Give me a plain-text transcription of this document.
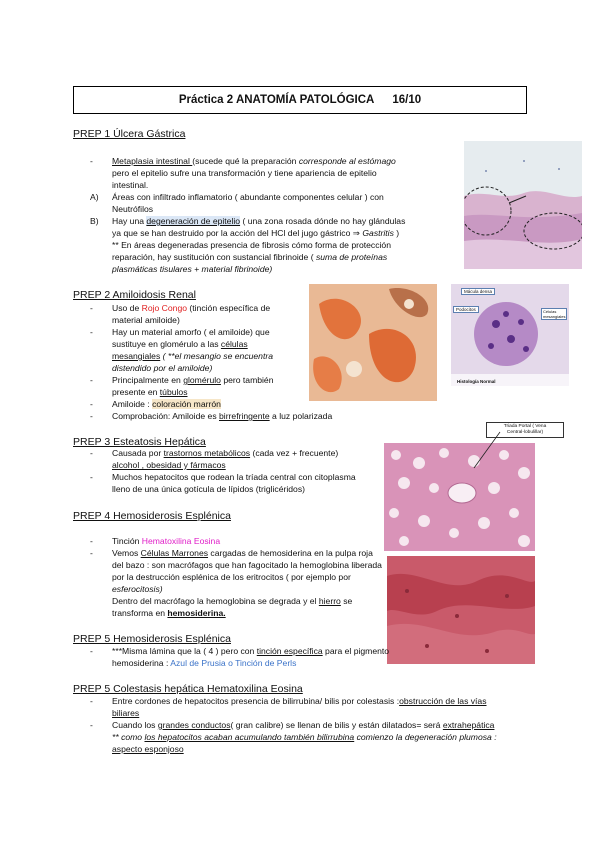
Práctica 2 ANATOMÍA PATOLÓGICA 16/10
PREP 1 Úlcera Gástrica
- Metaplasia intestinal (sucede qué la preparación corresponde al estómago
pero el epitelio sufre una transformación y tiene apariencia de epitelio
intestinal.
A) Áreas con infiltrado inflamatorio ( abundante componentes celular ) con
Neutrófilos
B) Hay una degeneración de epitelio ( una zona rosada dónde no hay glándulas
ya que se han destruido por la acción del HCl del jugo gástrico ⇒ Gastritis )
** En áreas degeneradas presencia de fibrosis cómo forma de protección
reparación, hay sustitución con sustancial fibrinoide ( suma de proteínas
plasmáticas tisulares + material fibrinoide)
PREP 2 Amiloidosis Renal
- Uso de Rojo Congo (tinción específica de
material amiloide)
- Hay un material amorfo ( el amiloide) que
sustituye en glomérulo a las células
mesangiales ( **el mesangio se encuentra
distendido por el amiloide)
- Principalmente en glomérulo pero también
presente en túbulos
- Amiloide : coloración marrón
- Comprobación: Amiloide es birrefringente a luz polarizada
Mácula densa
Podocitos	Células mesangiales
Histología Normal
PREP 3 Esteatosis Hepática
- Causada por trastornos metabólicos (cada vez + frecuente)
alcohol , obesidad y fármacos
- Muchos hepatocitos que rodean la tríada central con citoplasma
lleno de una única gotícula de lípidos (triglicéridos)
Triada Portal ( Vena
Central-lobulillar)
PREP 4 Hemosiderosis Esplénica
- Tinción Hematoxilina Eosina
- Vemos Células Marrones cargadas de hemosiderina en la pulpa roja
del bazo : son macrófagos que han fagocitado la hemoglobina liberada
por la destrucción esplénica de los eritrocitos ( por ejemplo por
esferocitosis)
Dentro del macrófago la hemoglobina se degrada y el hierro se
transforma en hemosiderina.
PREP 5 Hemosiderosis Esplénica
- ***Misma lámina que la ( 4 ) pero con tinción específica para el pigmento
hemosiderina : Azul de Prusia o Tinción de Perls
PREP 5 Colestasis hepática Hematoxilina Eosina
- Entre cordones de hepatocitos presencia de bilirrubina/ bilis por colestasis :obstrucción de las vías
biliares
- Cuando los grandes conductos( gran calibre) se llenan de bilis y están dilatados= será extrahepática
** como los hepatocitos acaban acumulando también bilirrubina comienzo la degeneración plumosa :
aspecto esponjoso
